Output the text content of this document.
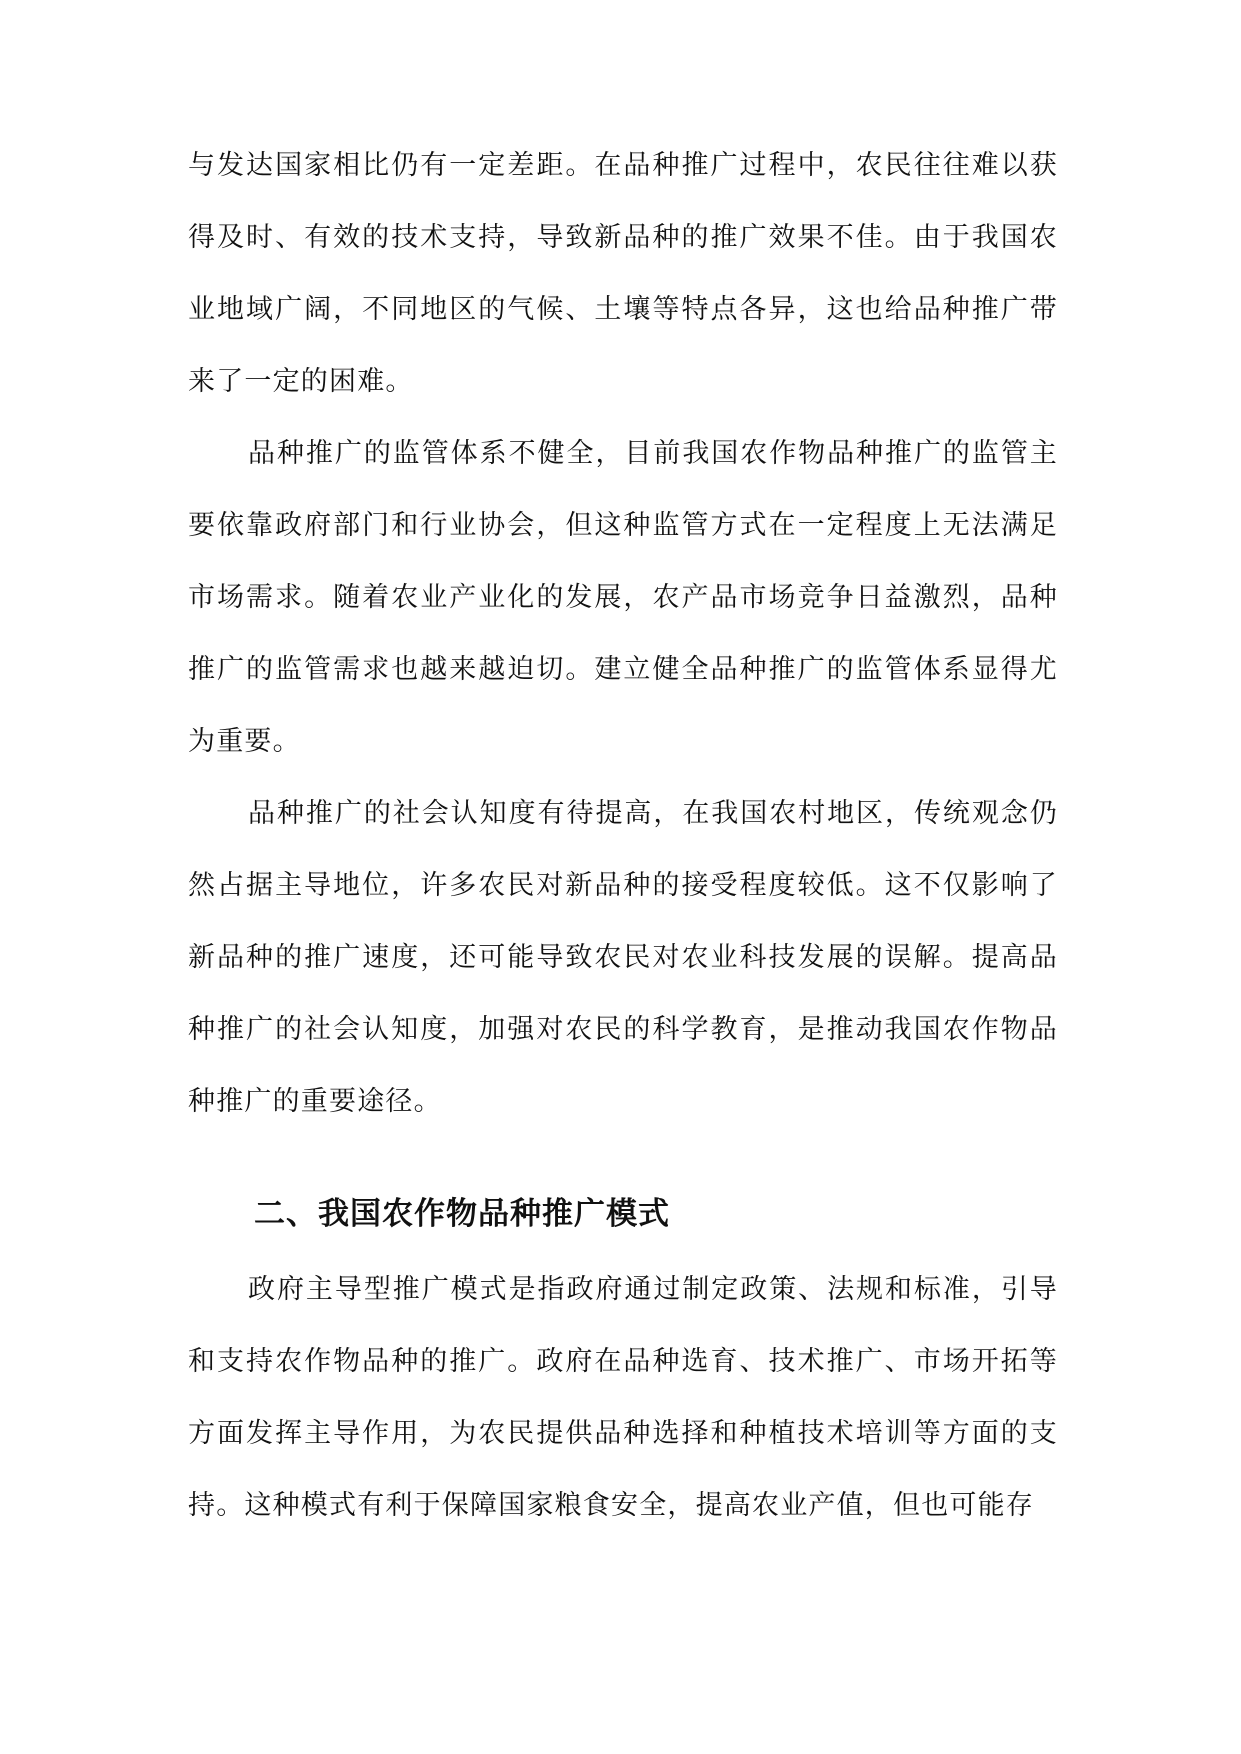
与发达国家相比仍有一定差距。在品种推广过程中，农民往往难以获得及时、有效的技术支持，导致新品种的推广效果不佳。由于我国农业地域广阔，不同地区的气候、土壤等特点各异，这也给品种推广带来了一定的困难。

品种推广的监管体系不健全，目前我国农作物品种推广的监管主要依靠政府部门和行业协会，但这种监管方式在一定程度上无法满足市场需求。随着农业产业化的发展，农产品市场竞争日益激烈，品种推广的监管需求也越来越迫切。建立健全品种推广的监管体系显得尤为重要。

品种推广的社会认知度有待提高，在我国农村地区，传统观念仍然占据主导地位，许多农民对新品种的接受程度较低。这不仅影响了新品种的推广速度，还可能导致农民对农业科技发展的误解。提高品种推广的社会认知度，加强对农民的科学教育，是推动我国农作物品种推广的重要途径。

二、我国农作物品种推广模式

政府主导型推广模式是指政府通过制定政策、法规和标准，引导和支持农作物品种的推广。政府在品种选育、技术推广、市场开拓等方面发挥主导作用，为农民提供品种选择和种植技术培训等方面的支持。这种模式有利于保障国家粮食安全，提高农业产值，但也可能存
